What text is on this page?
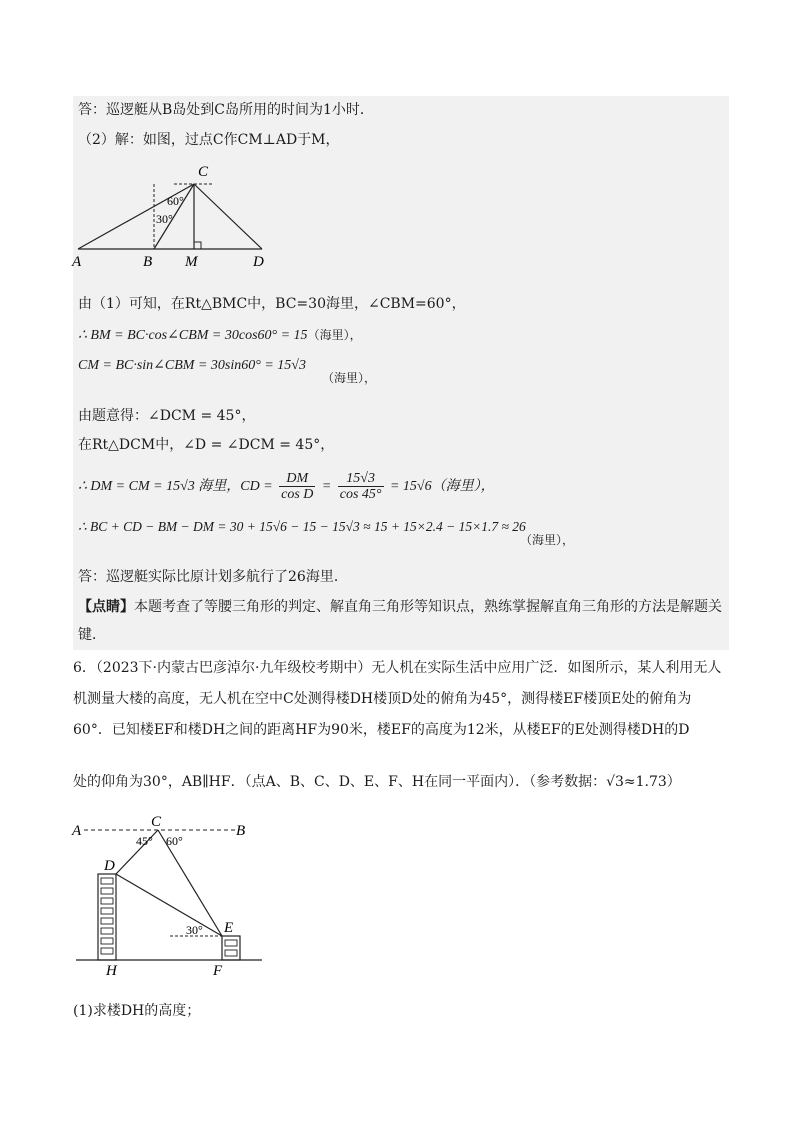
答：巡逻艇从B岛处到C岛所用的时间为1小时．
（2）解：如图，过点C作CM⊥AD于M，
C
60°
30°
A	B M	D
由（1）可知，在Rt△BMC中，BC=30海里，∠CBM=60°，
∴ BM = BC·cos∠CBM = 30cos60° = 15（海里），
CM = BC·sin∠CBM = 30sin60° = 15√3
（海里），
由题意得：∠DCM = 45°，
在Rt△DCM中，∠D = ∠DCM = 45°，
∴ DM = CM = 15√3 海里，CD = $\frac{DM}{\text{cos D}} = \frac{15√3}{\cos 45^\circ} = 15√6$（海里），
∴ BC + CD − BM − DM = 30 + 15√6 − 15 − 15√3 ≈ 15 + 15×2.4 − 15×1.7 ≈ 26
（海里），
答：巡逻艇实际比原计划多航行了26海里．
【点睛】本题考查了等腰三角形的判定、解直角三角形等知识点，熟练掌握解直角三角形的方法是解题关
键．
6．（2023下·内蒙古巴彦淖尔·九年级校考期中）无人机在实际生活中应用广泛．如图所示，某人利用无人
机测量大楼的高度，无人机在空中C处测得楼DH楼顶D处的俯角为45°，测得楼EF楼顶E处的俯角为
60°．已知楼EF和楼DH之间的距离HF为90米，楼EF的高度为12米，从楼EF的E处测得楼DH的D
处的仰角为30°，AB∥HF．（点A、B、C、D、E、F、H在同一平面内）．（参考数据：√3≈1.73）
A
C
B
45° 60°
D
30° E
H	F
(1)求楼DH的高度；
